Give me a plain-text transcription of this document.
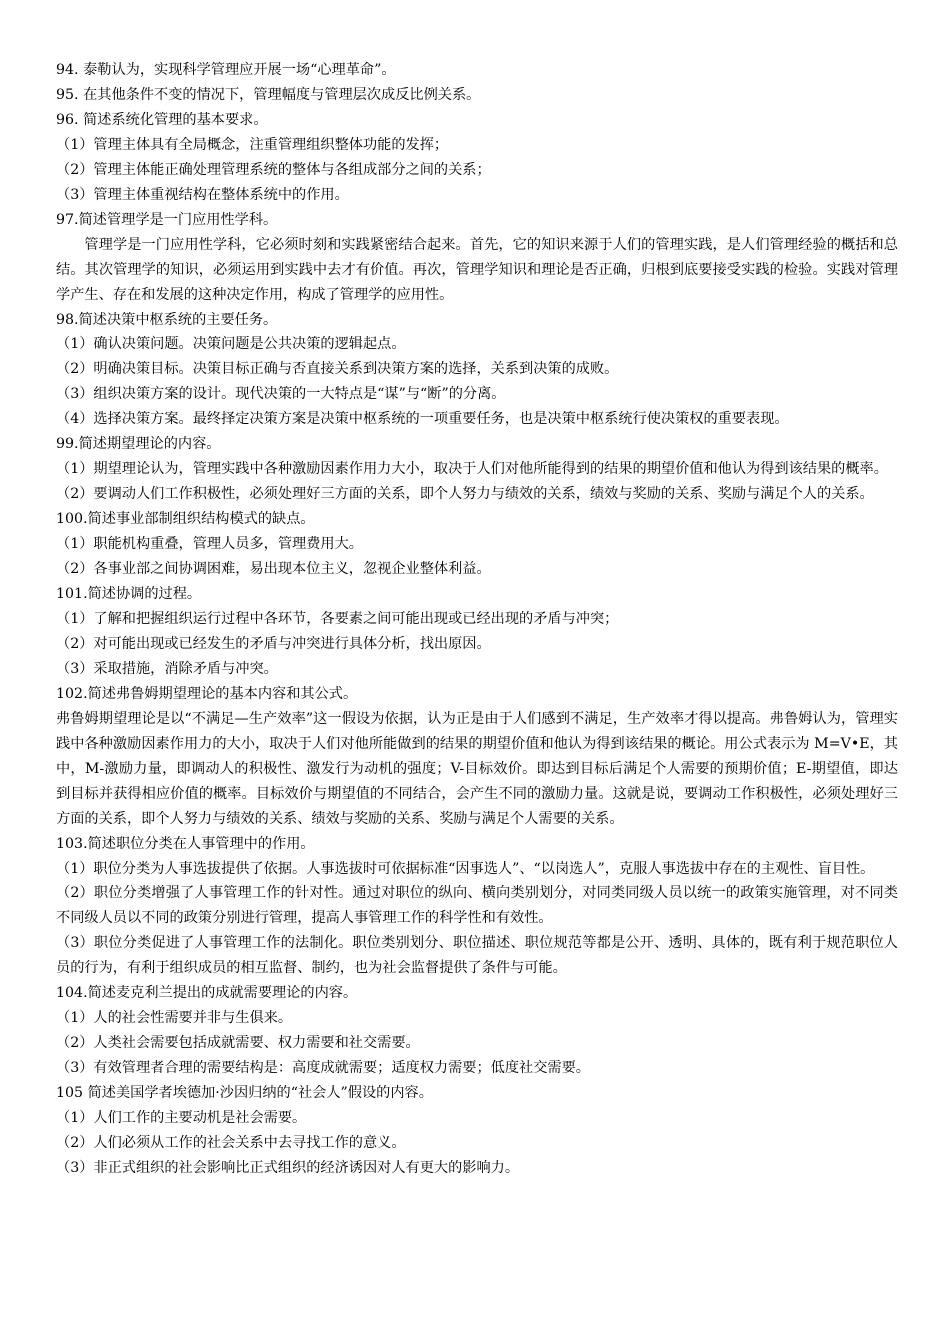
94. 泰勒认为，实现科学管理应开展一场“心理革命”。

95. 在其他条件不变的情况下，管理幅度与管理层次成反比例关系。

96. 简述系统化管理的基本要求。

（1）管理主体具有全局概念，注重管理组织整体功能的发挥；

（2）管理主体能正确处理管理系统的整体与各组成部分之间的关系；

（3）管理主体重视结构在整体系统中的作用。

97.简述管理学是一门应用性学科。

管理学是一门应用性学科，它必须时刻和实践紧密结合起来。首先，它的知识来源于人们的管理实践，是人们管理经验的概括和总结。其次管理学的知识，必须运用到实践中去才有价值。再次，管理学知识和理论是否正确，归根到底要接受实践的检验。实践对管理学产生、存在和发展的这种决定作用，构成了管理学的应用性。

98.简述决策中枢系统的主要任务。

（1）确认决策问题。决策问题是公共决策的逻辑起点。

（2）明确决策目标。决策目标正确与否直接关系到决策方案的选择，关系到决策的成败。

（3）组织决策方案的设计。现代决策的一大特点是“谋”与“断”的分离。

（4）选择决策方案。最终择定决策方案是决策中枢系统的一项重要任务，也是决策中枢系统行使决策权的重要表现。

99.简述期望理论的内容。

（1）期望理论认为，管理实践中各种激励因素作用力大小，取决于人们对他所能得到的结果的期望价值和他认为得到该结果的概率。

（2）要调动人们工作积极性，必须处理好三方面的关系，即个人努力与绩效的关系，绩效与奖励的关系、奖励与满足个人的关系。

100.简述事业部制组织结构模式的缺点。

（1）职能机构重叠，管理人员多，管理费用大。

（2）各事业部之间协调困难，易出现本位主义，忽视企业整体利益。

101.简述协调的过程。

（1）了解和把握组织运行过程中各环节，各要素之间可能出现或已经出现的矛盾与冲突；

（2）对可能出现或已经发生的矛盾与冲突进行具体分析，找出原因。

（3）采取措施，消除矛盾与冲突。

102.简述弗鲁姆期望理论的基本内容和其公式。

弗鲁姆期望理论是以“不满足—生产效率”这一假设为依据，认为正是由于人们感到不满足，生产效率才得以提高。弗鲁姆认为，管理实践中各种激励因素作用力的大小，取决于人们对他所能做到的结果的期望价值和他认为得到该结果的概论。用公式表示为 M=V•E，其中，M-激励力量，即调动人的积极性、激发行为动机的强度；V-目标效价。即达到目标后满足个人需要的预期价值；E-期望值，即达到目标并获得相应价值的概率。目标效价与期望值的不同结合，会产生不同的激励力量。这就是说，要调动工作积极性，必须处理好三方面的关系，即个人努力与绩效的关系、绩效与奖励的关系、奖励与满足个人需要的关系。

103.简述职位分类在人事管理中的作用。

（1）职位分类为人事选拔提供了依据。人事选拔时可依据标准“因事选人”、“以岗选人”，克服人事选拔中存在的主观性、盲目性。

（2）职位分类增强了人事管理工作的针对性。通过对职位的纵向、横向类别划分，对同类同级人员以统一的政策实施管理，对不同类不同级人员以不同的政策分别进行管理，提高人事管理工作的科学性和有效性。

（3）职位分类促进了人事管理工作的法制化。职位类别划分、职位描述、职位规范等都是公开、透明、具体的，既有利于规范职位人员的行为，有利于组织成员的相互监督、制约，也为社会监督提供了条件与可能。

104.简述麦克利兰提出的成就需要理论的内容。

（1）人的社会性需要并非与生俱来。

（2）人类社会需要包括成就需要、权力需要和社交需要。

（3）有效管理者合理的需要结构是：高度成就需要；适度权力需要；低度社交需要。

105 简述美国学者埃德加·沙因归纳的“社会人”假设的内容。

（1）人们工作的主要动机是社会需要。

（2）人们必须从工作的社会关系中去寻找工作的意义。

（3）非正式组织的社会影响比正式组织的经济诱因对人有更大的影响力。
